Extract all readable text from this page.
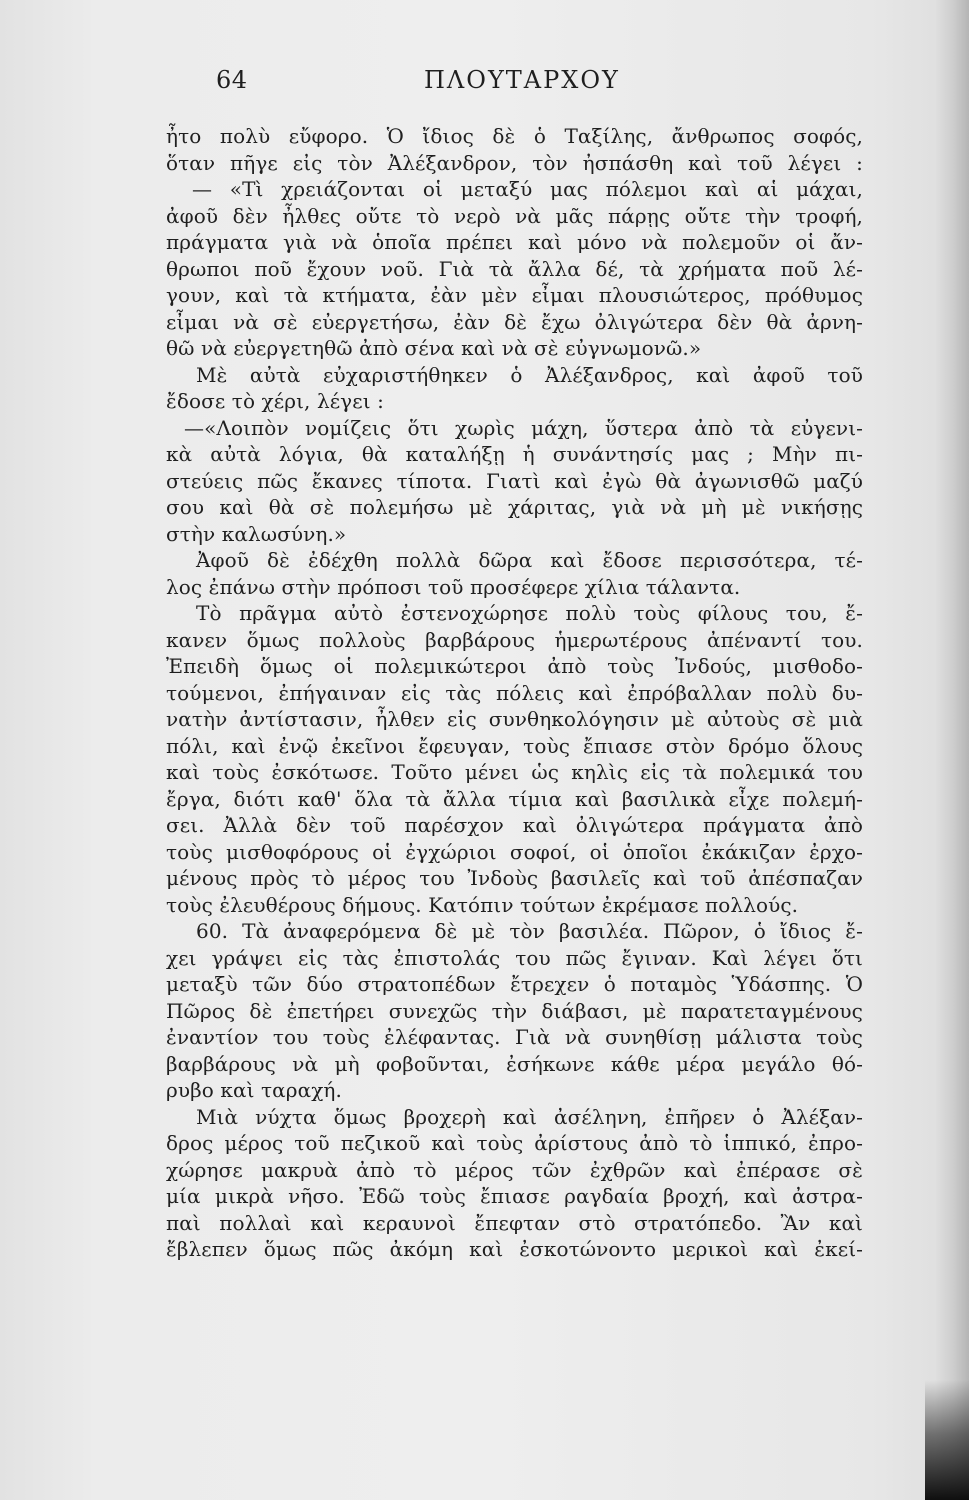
64	ΠΛΟΥΤΑΡΧΟΥ
ἦτο πολὺ εὔφορο. Ὁ ἴδιος δὲ ὁ Ταξίλης, ἄνθρωπος σοφός,
ὅταν πῆγε εἰς τὸν Ἀλέξανδρον, τὸν ἠσπάσθη καὶ τοῦ λέγει :
— «Τὶ χρειάζονται οἱ μεταξύ μας πόλεμοι καὶ αἱ μάχαι,
ἀφοῦ δὲν ἦλθες οὔτε τὸ νερὸ νὰ μᾶς πάρῃς οὔτε τὴν τροφή,
πράγματα γιὰ νὰ ὁποῖα πρέπει καὶ μόνο νὰ πολεμοῦν οἱ ἄν-
θρωποι ποῦ ἔχουν νοῦ. Γιὰ τὰ ἄλλα δέ, τὰ χρήματα ποῦ λέ-
γουν, καὶ τὰ κτήματα, ἐὰν μὲν εἶμαι πλουσιώτερος, πρόθυμος
εἶμαι νὰ σὲ εὐεργετήσω, ἐὰν δὲ ἔχω ὀλιγώτερα δὲν θὰ ἀρνη-
θῶ νὰ εὐεργετηθῶ ἀπὸ σένα καὶ νὰ σὲ εὐγνωμονῶ.»
Μὲ αὐτὰ εὐχαριστήθηκεν ὁ Ἀλέξανδρος, καὶ ἀφοῦ τοῦ
ἔδοσε τὸ χέρι, λέγει :
—«Λοιπὸν νομίζεις ὅτι χωρὶς μάχη, ὕστερα ἀπὸ τὰ εὐγενι-
κὰ αὐτὰ λόγια, θὰ καταλήξῃ ἡ συνάντησίς μας ; Μὴν πι-
στεύεις πῶς ἔκανες τίποτα. Γιατὶ καὶ ἐγὼ θὰ ἀγωνισθῶ μαζύ
σου καὶ θὰ σὲ πολεμήσω μὲ χάριτας, γιὰ νὰ μὴ μὲ νικήσῃς
στὴν καλωσύνη.»
Ἀφοῦ δὲ ἐδέχθη πολλὰ δῶρα καὶ ἔδοσε περισσότερα, τέ-
λος ἐπάνω στὴν πρόποσι τοῦ προσέφερε χίλια τάλαντα.
Τὸ πρᾶγμα αὐτὸ ἐστενοχώρησε πολὺ τοὺς φίλους του, ἔ-
κανεν ὅμως πολλοὺς βαρβάρους ἡμερωτέρους ἀπέναντί του.
Ἐπειδὴ ὅμως οἱ πολεμικώτεροι ἀπὸ τοὺς Ἰνδούς, μισθοδο-
τούμενοι, ἐπήγαιναν εἰς τὰς πόλεις καὶ ἐπρόβαλλαν πολὺ δυ-
νατὴν ἀντίστασιν, ἦλθεν εἰς συνθηκολόγησιν μὲ αὐτοὺς σὲ μιὰ
πόλι, καὶ ἐνῷ ἐκεῖνοι ἔφευγαν, τοὺς ἔπιασε στὸν δρόμο ὅλους
καὶ τοὺς ἐσκότωσε. Τοῦτο μένει ὡς κηλὶς εἰς τὰ πολεμικά του
ἔργα, διότι καθ' ὅλα τὰ ἄλλα τίμια καὶ βασιλικὰ εἶχε πολεμή-
σει. Ἀλλὰ δὲν τοῦ παρέσχον καὶ ὀλιγώτερα πράγματα ἀπὸ
τοὺς μισθοφόρους οἱ ἐγχώριοι σοφοί, οἱ ὁποῖοι ἐκάκιζαν ἐρχο-
μένους πρὸς τὸ μέρος του Ἰνδοὺς βασιλεῖς καὶ τοῦ ἀπέσπαζαν
τοὺς ἐλευθέρους δήμους. Κατόπιν τούτων ἐκρέμασε πολλούς.
60. Τὰ ἀναφερόμενα δὲ μὲ τὸν βασιλέα. Πῶρον, ὁ ἴδιος ἔ-
χει γράψει εἰς τὰς ἐπιστολάς του πῶς ἔγιναν. Καὶ λέγει ὅτι
μεταξὺ τῶν δύο στρατοπέδων ἔτρεχεν ὁ ποταμὸς Ὑδάσπης. Ὁ
Πῶρος δὲ ἐπετήρει συνεχῶς τὴν διάβασι, μὲ παρατεταγμένους
ἐναντίον του τοὺς ἐλέφαντας. Γιὰ νὰ συνηθίσῃ μάλιστα τοὺς
βαρβάρους νὰ μὴ φοβοῦνται, ἐσήκωνε κάθε μέρα μεγάλο θό-
ρυβο καὶ ταραχή.
Μιὰ νύχτα ὅμως βροχερὴ καὶ ἀσέληνη, ἐπῆρεν ὁ Ἀλέξαν-
δρος μέρος τοῦ πεζικοῦ καὶ τοὺς ἀρίστους ἀπὸ τὸ ἱππικό, ἐπρο-
χώρησε μακρυὰ ἀπὸ τὸ μέρος τῶν ἐχθρῶν καὶ ἐπέρασε σὲ
μία μικρὰ νῆσο. Ἐδῶ τοὺς ἔπιασε ραγδαία βροχή, καὶ ἀστρα-
παὶ πολλαὶ καὶ κεραυνοὶ ἔπεφταν στὸ στρατόπεδο. Ἂν καὶ
ἔβλεπεν ὅμως πῶς ἀκόμη καὶ ἐσκοτώνοντο μερικοὶ καὶ ἐκεί-
